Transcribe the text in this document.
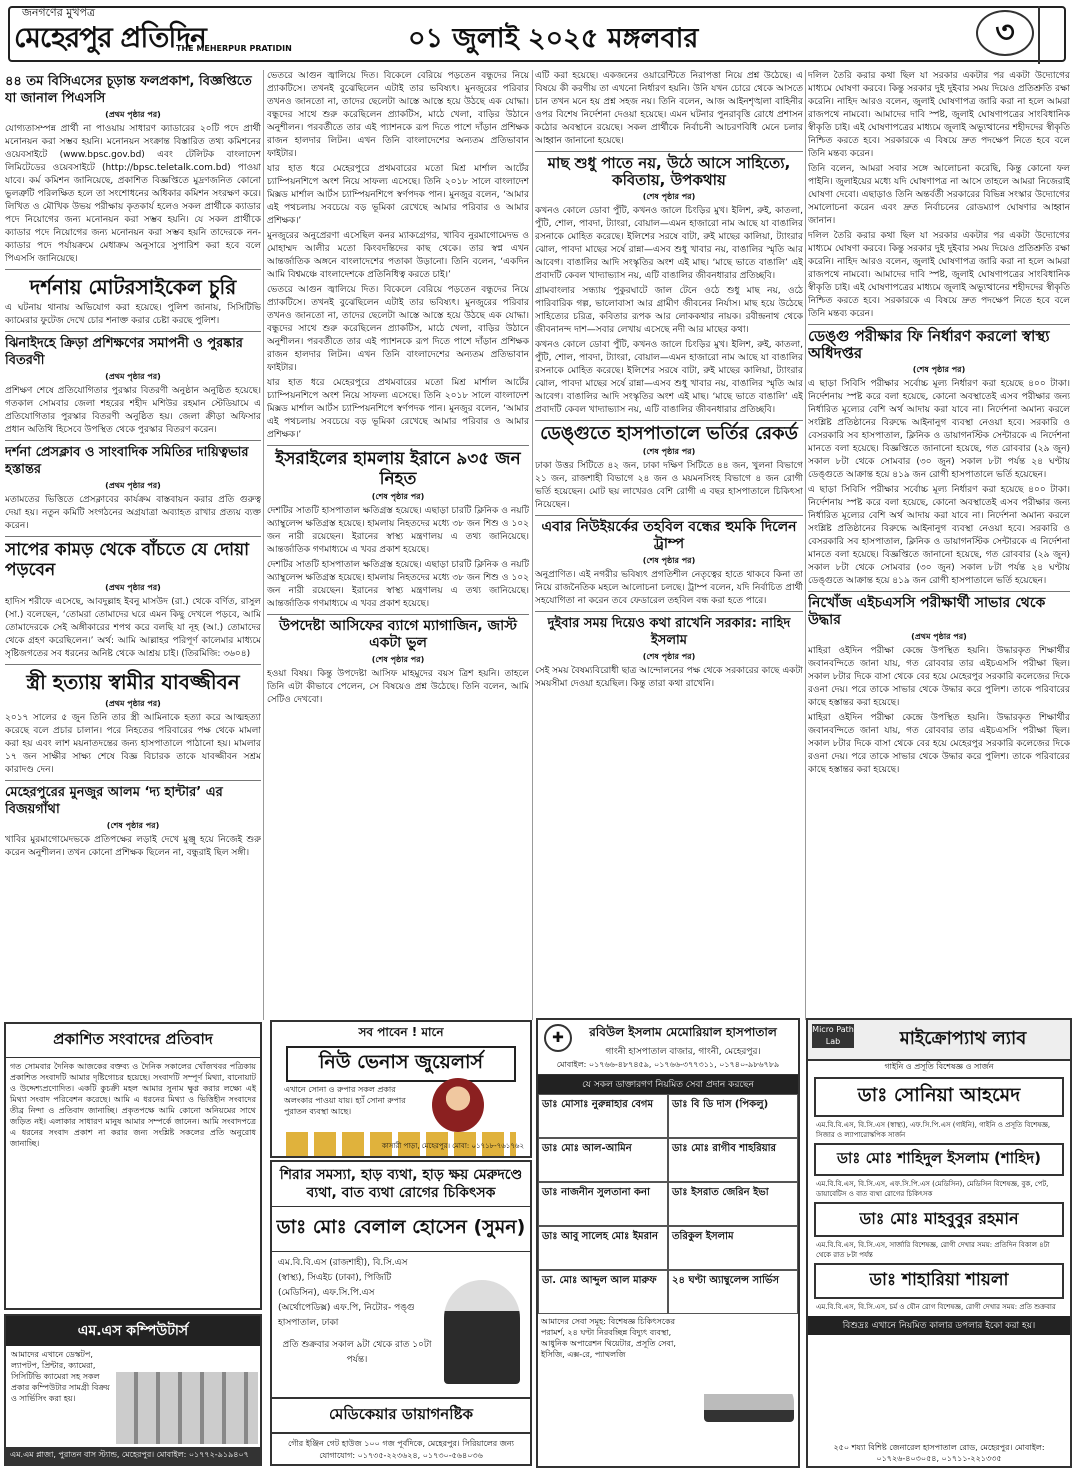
জনগণের মুখপত্র
মেহেরপুর প্রতিদিন
THE MEHERPUR PRATIDIN	০১ জুলাই ২০২৫ মঙ্গলবার	৩
৪৪ তম বিসিএসের চূড়ান্ত ফলপ্রকাশ, বিজ্ঞপ্তিতে যা জানাল পিএসসি
(প্রথম পৃষ্ঠার পর)
যোগ্যতাসম্পন্ন প্রার্থী না পাওয়ায় সাধারণ ক্যাডারের ২০টি পদে প্রার্থী মনোনয়ন করা সম্ভব হয়নি। মনোনয়ন সংক্রান্ত বিস্তারিত তথ্য কমিশনের ওয়েবসাইটে (www.bpsc.gov.bd) এবং টেলিটক বাংলাদেশ লিমিটেডের ওয়েবসাইটে (http://bpsc.teletalk.com.bd) পাওয়া যাবে। কর্ম কমিশন জানিয়েছে, প্রকাশিত বিজ্ঞপ্তিতে মুদ্রণজনিত কোনো ভুলত্রুটি পরিলক্ষিত হলে তা সংশোধনের অধিকার কমিশন সংরক্ষণ করে। লিখিত ও মৌখিক উভয় পরীক্ষায় কৃতকার্য হলেও সকল প্রার্থীকে ক্যাডার পদে নিয়োগের জন্য মনোনয়ন করা সম্ভব হয়নি। যে সকল প্রার্থীকে ক্যাডার পদে নিয়োগের জন্য মনোনয়ন করা সম্ভব হয়নি তাদেরকে নন-ক্যাডার পদে পর্যায়ক্রমে মেধাক্রম অনুসারে সুপারিশ করা হবে বলে পিএসসি জানিয়েছে।
দর্শনায় মোটরসাইকেল চুরি
এ ঘটনায় থানায় অভিযোগ করা হয়েছে। পুলিশ জানায়, সিসিটিভি ক্যামেরার ফুটেজ দেখে চোর শনাক্ত করার চেষ্টা করছে পুলিশ।
ঝিনাইদহে ক্রিড়া প্রশিক্ষণের সমাপনী ও পুরষ্কার বিতরণী
(প্রথম পৃষ্ঠার পর)
প্রশিক্ষণ শেষে প্রতিযোগিতার পুরস্কার বিতরণী অনুষ্ঠান অনুষ্ঠিত হয়েছে। গতকাল সোমবার জেলা শহরের শহীদ মশিউর রহমান স্টেডিয়ামে এ প্রতিযোগিতার পুরস্কার বিতরণী অনুষ্ঠিত হয়। জেলা ক্রীড়া অফিসার প্রধান অতিথি হিসেবে উপস্থিত থেকে পুরস্কার বিতরণ করেন।
দর্শনা প্রেসক্লাব ও সাংবাদিক সমিতির দায়িত্বভার হস্তান্তর
(প্রথম পৃষ্ঠার পর)
মতামতের ভিত্তিতে প্রেসক্লাবের কার্যক্রম বাস্তবায়ন করার প্রতি গুরুত্ব দেয়া হয়। নতুন কমিটি সংগঠনের অগ্রযাত্রা অব্যাহত রাখার প্রত্যয় ব্যক্ত করেন।
সাপের কামড় থেকে বাঁচতে যে দোয়া পড়বেন
(প্রথম পৃষ্ঠার পর)
হাদিস শরীফে এসেছে, আবদুল্লাহ ইবনু মাসউদ (রা.) থেকে বর্ণিত, রাসুল (সা.) বলেছেন, ‘তোমরা তোমাদের ঘরে এমন কিছু দেখলে পড়বে, আমি তোমাদেরকে সেই অঙ্গীকারের শপথ করে বলছি যা নূহ (আ.) তোমাদের থেকে গ্রহণ করেছিলেন।’ অর্থ: আমি আল্লাহর পরিপূর্ণ কালেমার মাধ্যমে সৃষ্টিজগতের সব ধরনের অনিষ্ট থেকে আশ্রয় চাই। (তিরমিজি: ৩৬০৪)
স্ত্রী হত্যায় স্বামীর যাবজ্জীবন
(প্রথম পৃষ্ঠার পর)
২০১৭ সালের ৫ জুন তিনি তার স্ত্রী আমিনাকে হত্যা করে আত্মহত্যা করেছে বলে প্রচার চালান। পরে নিহতের পরিবারের পক্ষ থেকে মামলা করা হয় এবং লাশ ময়নাতদন্তের জন্য হাসপাতালে পাঠানো হয়। মামলার ১৭ জন সাক্ষীর সাক্ষ্য শেষে বিজ্ঞ বিচারক তাকে যাবজ্জীবন সশ্রম কারাদণ্ড দেন।
মেহেরপুরের মুনজুর আলম ‘দ্য হান্টার’ এর বিজয়গাঁথা
(শেষ পৃষ্ঠার পর)
খাবির মুরমাগোমেদভকে প্রতিপক্ষের লড়াই দেখে মুঞ্জু হয়ে নিজেই শুরু করেন অনুশীলন। তখন কোনো প্রশিক্ষক ছিলেন না, বন্ধুরাই ছিল সঙ্গী।
ভেতরে আগুন জ্বালিয়ে দিত। বিকেলে বেরিয়ে পড়তেন বন্ধুদের নিয়ে প্র্যাকটিসে। তখনই বুঝেছিলেন এটাই তার ভবিষ্যৎ। মুনজুরের পরিবার তখনও জানতো না, তাদের ছেলেটা আস্তে আস্তে হয়ে উঠছে এক যোদ্ধা। বন্ধুদের সাথে শুরু করেছিলেন প্র্যাকটিস, মাঠে খেলা, বাড়ির উঠানে অনুশীলন। পরবর্তীতে তার এই প্যাশনকে রূপ দিতে পাশে দাঁড়ান প্রশিক্ষক রাজন হালদার লিটন। এখন তিনি বাংলাদেশের অন্যতম প্রতিভাবান ফাইটার।
যার হাত ধরে মেহেরপুরে প্রথমবারের মতো মিশ্র মার্শাল আর্টের চ্যাম্পিয়নশিপে অংশ নিয়ে সাফল্য এসেছে। তিনি ২০১৮ সালে বাংলাদেশ মিক্সড মার্শাল আর্টস চ্যাম্পিয়নশিপে স্বর্ণপদক পান। মুনজুর বলেন, ‘আমার এই পথচলায় সবচেয়ে বড় ভূমিকা রেখেছে আমার পরিবার ও আমার প্রশিক্ষক।’
মুনজুরের অনুপ্রেরণা এসেছিল কনর ম্যাকগ্রেগর, খাবিব নুরমাগোমেদভ ও মোহাম্মদ আলীর মতো কিংবদন্তিদের কাছ থেকে। তার স্বপ্ন এখন আন্তর্জাতিক অঙ্গনে বাংলাদেশের পতাকা উড়ানো। তিনি বলেন, ‘একদিন আমি বিশ্বমঞ্চে বাংলাদেশকে প্রতিনিধিত্ব করতে চাই।’
ভেতরে আগুন জ্বালিয়ে দিত। বিকেলে বেরিয়ে পড়তেন বন্ধুদের নিয়ে প্র্যাকটিসে। তখনই বুঝেছিলেন এটাই তার ভবিষ্যৎ। মুনজুরের পরিবার তখনও জানতো না, তাদের ছেলেটা আস্তে আস্তে হয়ে উঠছে এক যোদ্ধা। বন্ধুদের সাথে শুরু করেছিলেন প্র্যাকটিস, মাঠে খেলা, বাড়ির উঠানে অনুশীলন। পরবর্তীতে তার এই প্যাশনকে রূপ দিতে পাশে দাঁড়ান প্রশিক্ষক রাজন হালদার লিটন। এখন তিনি বাংলাদেশের অন্যতম প্রতিভাবান ফাইটার।
যার হাত ধরে মেহেরপুরে প্রথমবারের মতো মিশ্র মার্শাল আর্টের চ্যাম্পিয়নশিপে অংশ নিয়ে সাফল্য এসেছে। তিনি ২০১৮ সালে বাংলাদেশ মিক্সড মার্শাল আর্টস চ্যাম্পিয়নশিপে স্বর্ণপদক পান। মুনজুর বলেন, ‘আমার এই পথচলায় সবচেয়ে বড় ভূমিকা রেখেছে আমার পরিবার ও আমার প্রশিক্ষক।’
ইসরাইলের হামলায় ইরানে ৯৩৫ জন নিহত
(শেষ পৃষ্ঠার পর)
দেশটির সাতটি হাসপাতাল ক্ষতিগ্রস্ত হয়েছে। এছাড়া চারটি ক্লিনিক ও নয়টি অ্যাম্বুলেন্স ক্ষতিগ্রস্ত হয়েছে। হামলায় নিহতদের মধ্যে ৩৮ জন শিশু ও ১০২ জন নারী রয়েছেন। ইরানের স্বাস্থ্য মন্ত্রণালয় এ তথ্য জানিয়েছে। আন্তর্জাতিক গণমাধ্যমে এ খবর প্রকাশ হয়েছে।
দেশটির সাতটি হাসপাতাল ক্ষতিগ্রস্ত হয়েছে। এছাড়া চারটি ক্লিনিক ও নয়টি অ্যাম্বুলেন্স ক্ষতিগ্রস্ত হয়েছে। হামলায় নিহতদের মধ্যে ৩৮ জন শিশু ও ১০২ জন নারী রয়েছেন। ইরানের স্বাস্থ্য মন্ত্রণালয় এ তথ্য জানিয়েছে। আন্তর্জাতিক গণমাধ্যমে এ খবর প্রকাশ হয়েছে।
উপদেষ্টা আসিফের ব্যাগে ম্যাগাজিন, জাস্ট একটা ভুল
(শেষ পৃষ্ঠার পর)
হওয়া বিষয়। কিন্তু উপদেষ্টা আসিফ মাহমুদের বয়স ত্রিশ হয়নি। তাহলে তিনি এটা কীভাবে পেলেন, সে বিষয়েও প্রশ্ন উঠেছে। তিনি বলেন, আমি সেটিও দেখবো।
এটি করা হয়েছে। একজনের ওয়ারেন্টিতে নিরাপত্তা নিয়ে প্রশ্ন উঠেছে। এ বিষয়ে কী করণীয় তা এখনো নির্ধারণ হয়নি। উনি যখন চোরে থেকে আসতে চান তখন মনে হয় প্রশ্ন সহজ নয়। তিনি বলেন, আজ আইনশৃঙ্খলা বাহিনীর ওপর বিশেষ নির্দেশনা দেওয়া হয়েছে। এমন ঘটনার পুনরাবৃত্তি রোধে প্রশাসন কঠোর অবস্থানে রয়েছে। সকল প্রার্থীকে নির্বাচনী আচরণবিধি মেনে চলার আহ্বান জানানো হয়েছে।
মাছ শুধু পাতে নয়, উঠে আসে সাহিত্যে, কবিতায়, উপকথায়
(শেষ পৃষ্ঠার পর)
কখনও কোলে ডোবা পুঁটি, কখনও জালে চিংড়ির মুখ। ইলিশ, রুই, কাতলা, পুঁটি, শোল, পাবদা, ট্যাংরা, বোয়াল—এমন হাজারো নাম আছে যা বাঙালির রসনাকে মোহিত করেছে। ইলিশের সরষে বাটা, রুই মাছের কালিয়া, ট্যাংরার ঝোল, পাবদা মাছের সর্ষে রান্না—এসব শুধু খাবার নয়, বাঙালির স্মৃতি আর আবেগ। বাঙালির আদি সংস্কৃতির অংশ এই মাছ। ‘মাছে ভাতে বাঙালি’ এই প্রবাদটি কেবল খাদ্যাভ্যাস নয়, এটি বাঙালির জীবনধারার প্রতিচ্ছবি।
গ্রামবাংলার সন্ধ্যায় পুকুরঘাটে জাল টেনে ওঠে শুধু মাছ নয়, ওঠে পারিবারিক গল্প, ভালোবাসা আর গ্রামীণ জীবনের নির্যাস। মাছ হয়ে উঠেছে সাহিত্যের চরিত্র, কবিতার রূপক আর লোককথার নায়ক। রবীন্দ্রনাথ থেকে জীবনানন্দ দাশ—সবার লেখায় এসেছে নদী আর মাছের কথা।
কখনও কোলে ডোবা পুঁটি, কখনও জালে চিংড়ির মুখ। ইলিশ, রুই, কাতলা, পুঁটি, শোল, পাবদা, ট্যাংরা, বোয়াল—এমন হাজারো নাম আছে যা বাঙালির রসনাকে মোহিত করেছে। ইলিশের সরষে বাটা, রুই মাছের কালিয়া, ট্যাংরার ঝোল, পাবদা মাছের সর্ষে রান্না—এসব শুধু খাবার নয়, বাঙালির স্মৃতি আর আবেগ। বাঙালির আদি সংস্কৃতির অংশ এই মাছ। ‘মাছে ভাতে বাঙালি’ এই প্রবাদটি কেবল খাদ্যাভ্যাস নয়, এটি বাঙালির জীবনধারার প্রতিচ্ছবি।
ডেঙ্গুতে হাসপাতালে ভর্তির রেকর্ড
(শেষ পৃষ্ঠার পর)
ঢাকা উত্তর সিটিতে ৪২ জন, ঢাকা দক্ষিণ সিটিতে ৪৪ জন, খুলনা বিভাগে ২১ জন, রাজশাহী বিভাগে ২৪ জন ও ময়মনসিংহ বিভাগে ৪ জন রোগী ভর্তি হয়েছেন। মোট ছয় লাখেরও বেশি রোগী এ বছর হাসপাতালে চিকিৎসা নিয়েছেন।
এবার নিউইয়র্কের তহবিল বন্ধের হুমকি দিলেন ট্রাম্প
(শেষ পৃষ্ঠার পর)
অনুপ্রাণিত। এই নগরীর ভবিষ্যৎ প্রগতিশীল নেতৃত্বের হাতে থাকবে কিনা তা নিয়ে রাজনৈতিক মহলে আলোচনা চলছে। ট্রাম্প বলেন, যদি নির্বাচিত প্রার্থী সহযোগিতা না করেন তবে ফেডারেল তহবিল বন্ধ করা হতে পারে।
দুইবার সময় দিয়েও কথা রাখেনি সরকার: নাহিদ ইসলাম
(শেষ পৃষ্ঠার পর)
সেই সময় বৈষম্যবিরোধী ছাত্র আন্দোলনের পক্ষ থেকে সরকারের কাছে একটা সময়সীমা দেওয়া হয়েছিল। কিন্তু তারা কথা রাখেনি।
দলিল তৈরি করার কথা ছিল যা সরকার একটার পর একটা উদ্যোগের মাধ্যমে ঘোষণা করবে। কিন্তু সরকার দুই দুইবার সময় দিয়েও প্রতিশ্রুতি রক্ষা করেনি। নাহিদ আরও বলেন, জুলাই ঘোষণাপত্র জারি করা না হলে আমরা রাজপথে নামবো। আমাদের দাবি স্পষ্ট, জুলাই ঘোষণাপত্রের সাংবিধানিক স্বীকৃতি চাই। এই ঘোষণাপত্রের মাধ্যমে জুলাই অভ্যুত্থানের শহীদদের স্বীকৃতি নিশ্চিত করতে হবে। সরকারকে এ বিষয়ে দ্রুত পদক্ষেপ নিতে হবে বলে তিনি মন্তব্য করেন।
তিনি বলেন, আমরা সবার সঙ্গে আলোচনা করেছি, কিন্তু কোনো ফল পাইনি। জুলাইয়ের মধ্যে যদি ঘোষণাপত্র না আসে তাহলে আমরা নিজেরাই ঘোষণা দেবো। এছাড়াও তিনি অন্তর্বর্তী সরকারের বিভিন্ন সংস্কার উদ্যোগের সমালোচনা করেন এবং দ্রুত নির্বাচনের রোডম্যাপ ঘোষণার আহ্বান জানান।
দলিল তৈরি করার কথা ছিল যা সরকার একটার পর একটা উদ্যোগের মাধ্যমে ঘোষণা করবে। কিন্তু সরকার দুই দুইবার সময় দিয়েও প্রতিশ্রুতি রক্ষা করেনি। নাহিদ আরও বলেন, জুলাই ঘোষণাপত্র জারি করা না হলে আমরা রাজপথে নামবো। আমাদের দাবি স্পষ্ট, জুলাই ঘোষণাপত্রের সাংবিধানিক স্বীকৃতি চাই। এই ঘোষণাপত্রের মাধ্যমে জুলাই অভ্যুত্থানের শহীদদের স্বীকৃতি নিশ্চিত করতে হবে। সরকারকে এ বিষয়ে দ্রুত পদক্ষেপ নিতে হবে বলে তিনি মন্তব্য করেন।
ডেঙ্গু পরীক্ষার ফি নির্ধারণ করলো স্বাস্থ্য অধিদপ্তর
(শেষ পৃষ্ঠার পর)
এ ছাড়া সিবিসি পরীক্ষার সর্বোচ্চ মূল্য নির্ধারণ করা হয়েছে ৪০০ টাকা। নির্দেশনায় স্পষ্ট করে বলা হয়েছে, কোনো অবস্থাতেই এসব পরীক্ষার জন্য নির্ধারিত মূল্যের বেশি অর্থ আদায় করা যাবে না। নির্দেশনা অমান্য করলে সংশ্লিষ্ট প্রতিষ্ঠানের বিরুদ্ধে আইনানুগ ব্যবস্থা নেওয়া হবে। সরকারি ও বেসরকারি সব হাসপাতাল, ক্লিনিক ও ডায়াগনস্টিক সেন্টারকে এ নির্দেশনা মানতে বলা হয়েছে। বিজ্ঞপ্তিতে জানানো হয়েছে, গত রোববার (২৯ জুন) সকাল ৮টা থেকে সোমবার (৩০ জুন) সকাল ৮টা পর্যন্ত ২৪ ঘণ্টায় ডেঙ্গুতে আক্রান্ত হয়ে ৪১৯ জন রোগী হাসপাতালে ভর্তি হয়েছেন।
এ ছাড়া সিবিসি পরীক্ষার সর্বোচ্চ মূল্য নির্ধারণ করা হয়েছে ৪০০ টাকা। নির্দেশনায় স্পষ্ট করে বলা হয়েছে, কোনো অবস্থাতেই এসব পরীক্ষার জন্য নির্ধারিত মূল্যের বেশি অর্থ আদায় করা যাবে না। নির্দেশনা অমান্য করলে সংশ্লিষ্ট প্রতিষ্ঠানের বিরুদ্ধে আইনানুগ ব্যবস্থা নেওয়া হবে। সরকারি ও বেসরকারি সব হাসপাতাল, ক্লিনিক ও ডায়াগনস্টিক সেন্টারকে এ নির্দেশনা মানতে বলা হয়েছে। বিজ্ঞপ্তিতে জানানো হয়েছে, গত রোববার (২৯ জুন) সকাল ৮টা থেকে সোমবার (৩০ জুন) সকাল ৮টা পর্যন্ত ২৪ ঘণ্টায় ডেঙ্গুতে আক্রান্ত হয়ে ৪১৯ জন রোগী হাসপাতালে ভর্তি হয়েছেন।
নিখোঁজ এইচএসসি পরীক্ষার্থী সাভার থেকে উদ্ধার
(প্রথম পৃষ্ঠার পর)
মাহিরা ওইদিন পরীক্ষা কেন্দ্রে উপস্থিত হয়নি। উদ্ধারকৃত শিক্ষার্থীর জবানবন্দিতে জানা যায়, গত রোববার তার এইচএসসি পরীক্ষা ছিল। সকাল ৮টার দিকে বাসা থেকে বের হয়ে মেহেরপুর সরকারি কলেজের দিকে রওনা দেয়। পরে তাকে সাভার থেকে উদ্ধার করে পুলিশ। তাকে পরিবারের কাছে হস্তান্তর করা হয়েছে।
মাহিরা ওইদিন পরীক্ষা কেন্দ্রে উপস্থিত হয়নি। উদ্ধারকৃত শিক্ষার্থীর জবানবন্দিতে জানা যায়, গত রোববার তার এইচএসসি পরীক্ষা ছিল। সকাল ৮টার দিকে বাসা থেকে বের হয়ে মেহেরপুর সরকারি কলেজের দিকে রওনা দেয়। পরে তাকে সাভার থেকে উদ্ধার করে পুলিশ। তাকে পরিবারের কাছে হস্তান্তর করা হয়েছে।
প্রকাশিত সংবাদের প্রতিবাদ
গত সোমবার দৈনিক আজকের বক্তব্য ও দৈনিক সকালের খোঁজখবর পত্রিকায় প্রকাশিত সংবাদটি আমার দৃষ্টিগোচর হয়েছে। সংবাদটি সম্পূর্ণ মিথ্যা, বানোয়াট ও উদ্দেশ্যপ্রণোদিত। একটি কুচক্রী মহল আমার সুনাম ক্ষুণ্ণ করার লক্ষ্যে এই মিথ্যা সংবাদ পরিবেশন করেছে। আমি এ ধরনের মিথ্যা ও ভিত্তিহীন সংবাদের তীব্র নিন্দা ও প্রতিবাদ জানাচ্ছি। প্রকৃতপক্ষে আমি কোনো অনিয়মের সাথে জড়িত নই। এলাকার সাধারণ মানুষ আমার সম্পর্কে জানেন। আমি সংবাদপত্রে এ ধরনের সংবাদ প্রকাশ না করার জন্য সংশ্লিষ্ট সকলের প্রতি অনুরোধ জানাচ্ছি।
এম.এস কম্পিউটার্স
আমাদের এখানে ডেস্কটপ, ল্যাপটপ, প্রিন্টার, ক্যামেরা, সিসিটিভি ক্যামেরা সহ সকল প্রকার কম্পিউটার সামগ্রী বিক্রয় ও সার্ভিসিং করা হয়।
এম.এম প্লাজা, পুরাতন বাস স্ট্যান্ড, মেহেরপুর। মোবাইল: ০১৭৭২-৯১৯৪০৭
সব পাবেন ! মানে
নিউ ভেনাস জুয়েলার্স
এখানে সোনা ও রুপার সকল প্রকার অলংকার পাওয়া যায়। হ্যাঁ সোনা রুপার পুরাতন ব্যবস্থা আছে।
কাসারী পাড়া, মেহেরপুর। মোবা: ০১৭১৮-৭৬১৭৬২
শিরার সমস্যা, হাড় ব্যথা, হাড় ক্ষয় মেরুদণ্ডে ব্যথা, বাত ব্যথা রোগের চিকিৎসক
ডাঃ মোঃ বেলাল হোসেন (সুমন)
এম.বি.বি.এস (রাজশাহী), বি.সি.এস (স্বাস্থ্য), সিএইচ (ঢাকা), পিজিটি (মেডিসিন), এফ.সি.পি.এস (অর্থোপেডিক্স) এফ.পি, নিটোর- পঙ্গু হাসপাতাল, ঢাকা
প্রতি শুক্রবার সকাল ৯টা থেকে রাত ১০টা পর্যন্ত।
মেডিকেয়ার ডায়াগনষ্টিক
গৌর ইঞ্জিন গেট হাউজ ১০০ গজ পূর্বদিকে, মেহেরপুর। সিরিয়ালের জন্য যোগাযোগ: ০১৭৩৫-২২৩৬২৪, ০১৭৩০-৫৬৪০৩৬
✚	রবিউল ইসলাম মেমোরিয়াল হাসপাতাল
গাংনী হাসপাতাল বাজার, গাংনী, মেহেরপুর।
মোবাইল: ০১৭৬৬-৪৮৭৪৫৯, ০১৭৬৬-৩৭৭৩১১, ০১৭৪০-৯৮৬৭৮৯
যে সকল ডাক্তারগণ নিয়মিত সেবা প্রদান করছেন
ডাঃ মোসাঃ নুরুন্নাহার বেগম	ডাঃ বি ডি দাস (পিকলু)
ডাঃ মোঃ আল-আমিন	ডাঃ মোঃ রাগীব শাহরিয়ার
ডাঃ নাজনীন সুলতানা কনা	ডাঃ ইসরাত জেরিন ইভা
ডাঃ আবু সালেহ মোঃ ইমরান	তরিকুল ইসলাম
ডা. মোঃ আব্দুল আল মারুফ	২৪ ঘণ্টা অ্যাম্বুলেন্স সার্ভিস
আমাদের সেবা সমূহ: বিশেষজ্ঞ চিকিৎসকের পরামর্শ, ২৪ ঘণ্টা নিরবচ্ছিন্ন বিদ্যুৎ ব্যবস্থা, আধুনিক অপারেশন থিয়েটার, প্রসূতি সেবা, ইসিজি, এক্স-রে, প্যাথলজি
Micro Path Lab	মাইক্রোপ্যাথ ল্যাব
গাইনি ও প্রসূতি বিশেষজ্ঞ ও সার্জন
ডাঃ সোনিয়া আহমেদ
এম.বি.বি.এস, বি.সি.এস (স্বাস্থ্য), এফ.সি.পি.এস (গাইনি), গাইনি ও প্রসূতি বিশেষজ্ঞ, সিজার ও ল্যাপারোস্কপিক সার্জন
ডাঃ মোঃ শাহিদুল ইসলাম (শাহিদ)
এম.বি.বি.এস, বি.সি.এস, এফ.সি.পি.এস (মেডিসিন), মেডিসিন বিশেষজ্ঞ, বুক, পেট, ডায়াবেটিস ও বাত ব্যথা রোগের চিকিৎসক
ডাঃ মোঃ মাহবুবুর রহমান
এম.বি.বি.এস, বি.সি.এস, সার্জারি বিশেষজ্ঞ, রোগী দেখার সময়: প্রতিদিন বিকাল ৪টা থেকে রাত ৮টা পর্যন্ত
ডাঃ শাহারিয়া শায়লা
এম.বি.বি.এস, বি.সি.এস, চর্ম ও যৌন রোগ বিশেষজ্ঞ, রোগী দেখার সময়: প্রতি শুক্রবার
বিশুদ্রঃ এখানে নিয়মিত কালার ডপলার ইকো করা হয়।
২৫০ শয্যা বিশিষ্ট জেনারেল হাসপাতাল রোড, মেহেরপুর। মোবাইল: ০১৭২৬-৪০৩০৫৪, ০১৭১১-২২১৩৩৫
